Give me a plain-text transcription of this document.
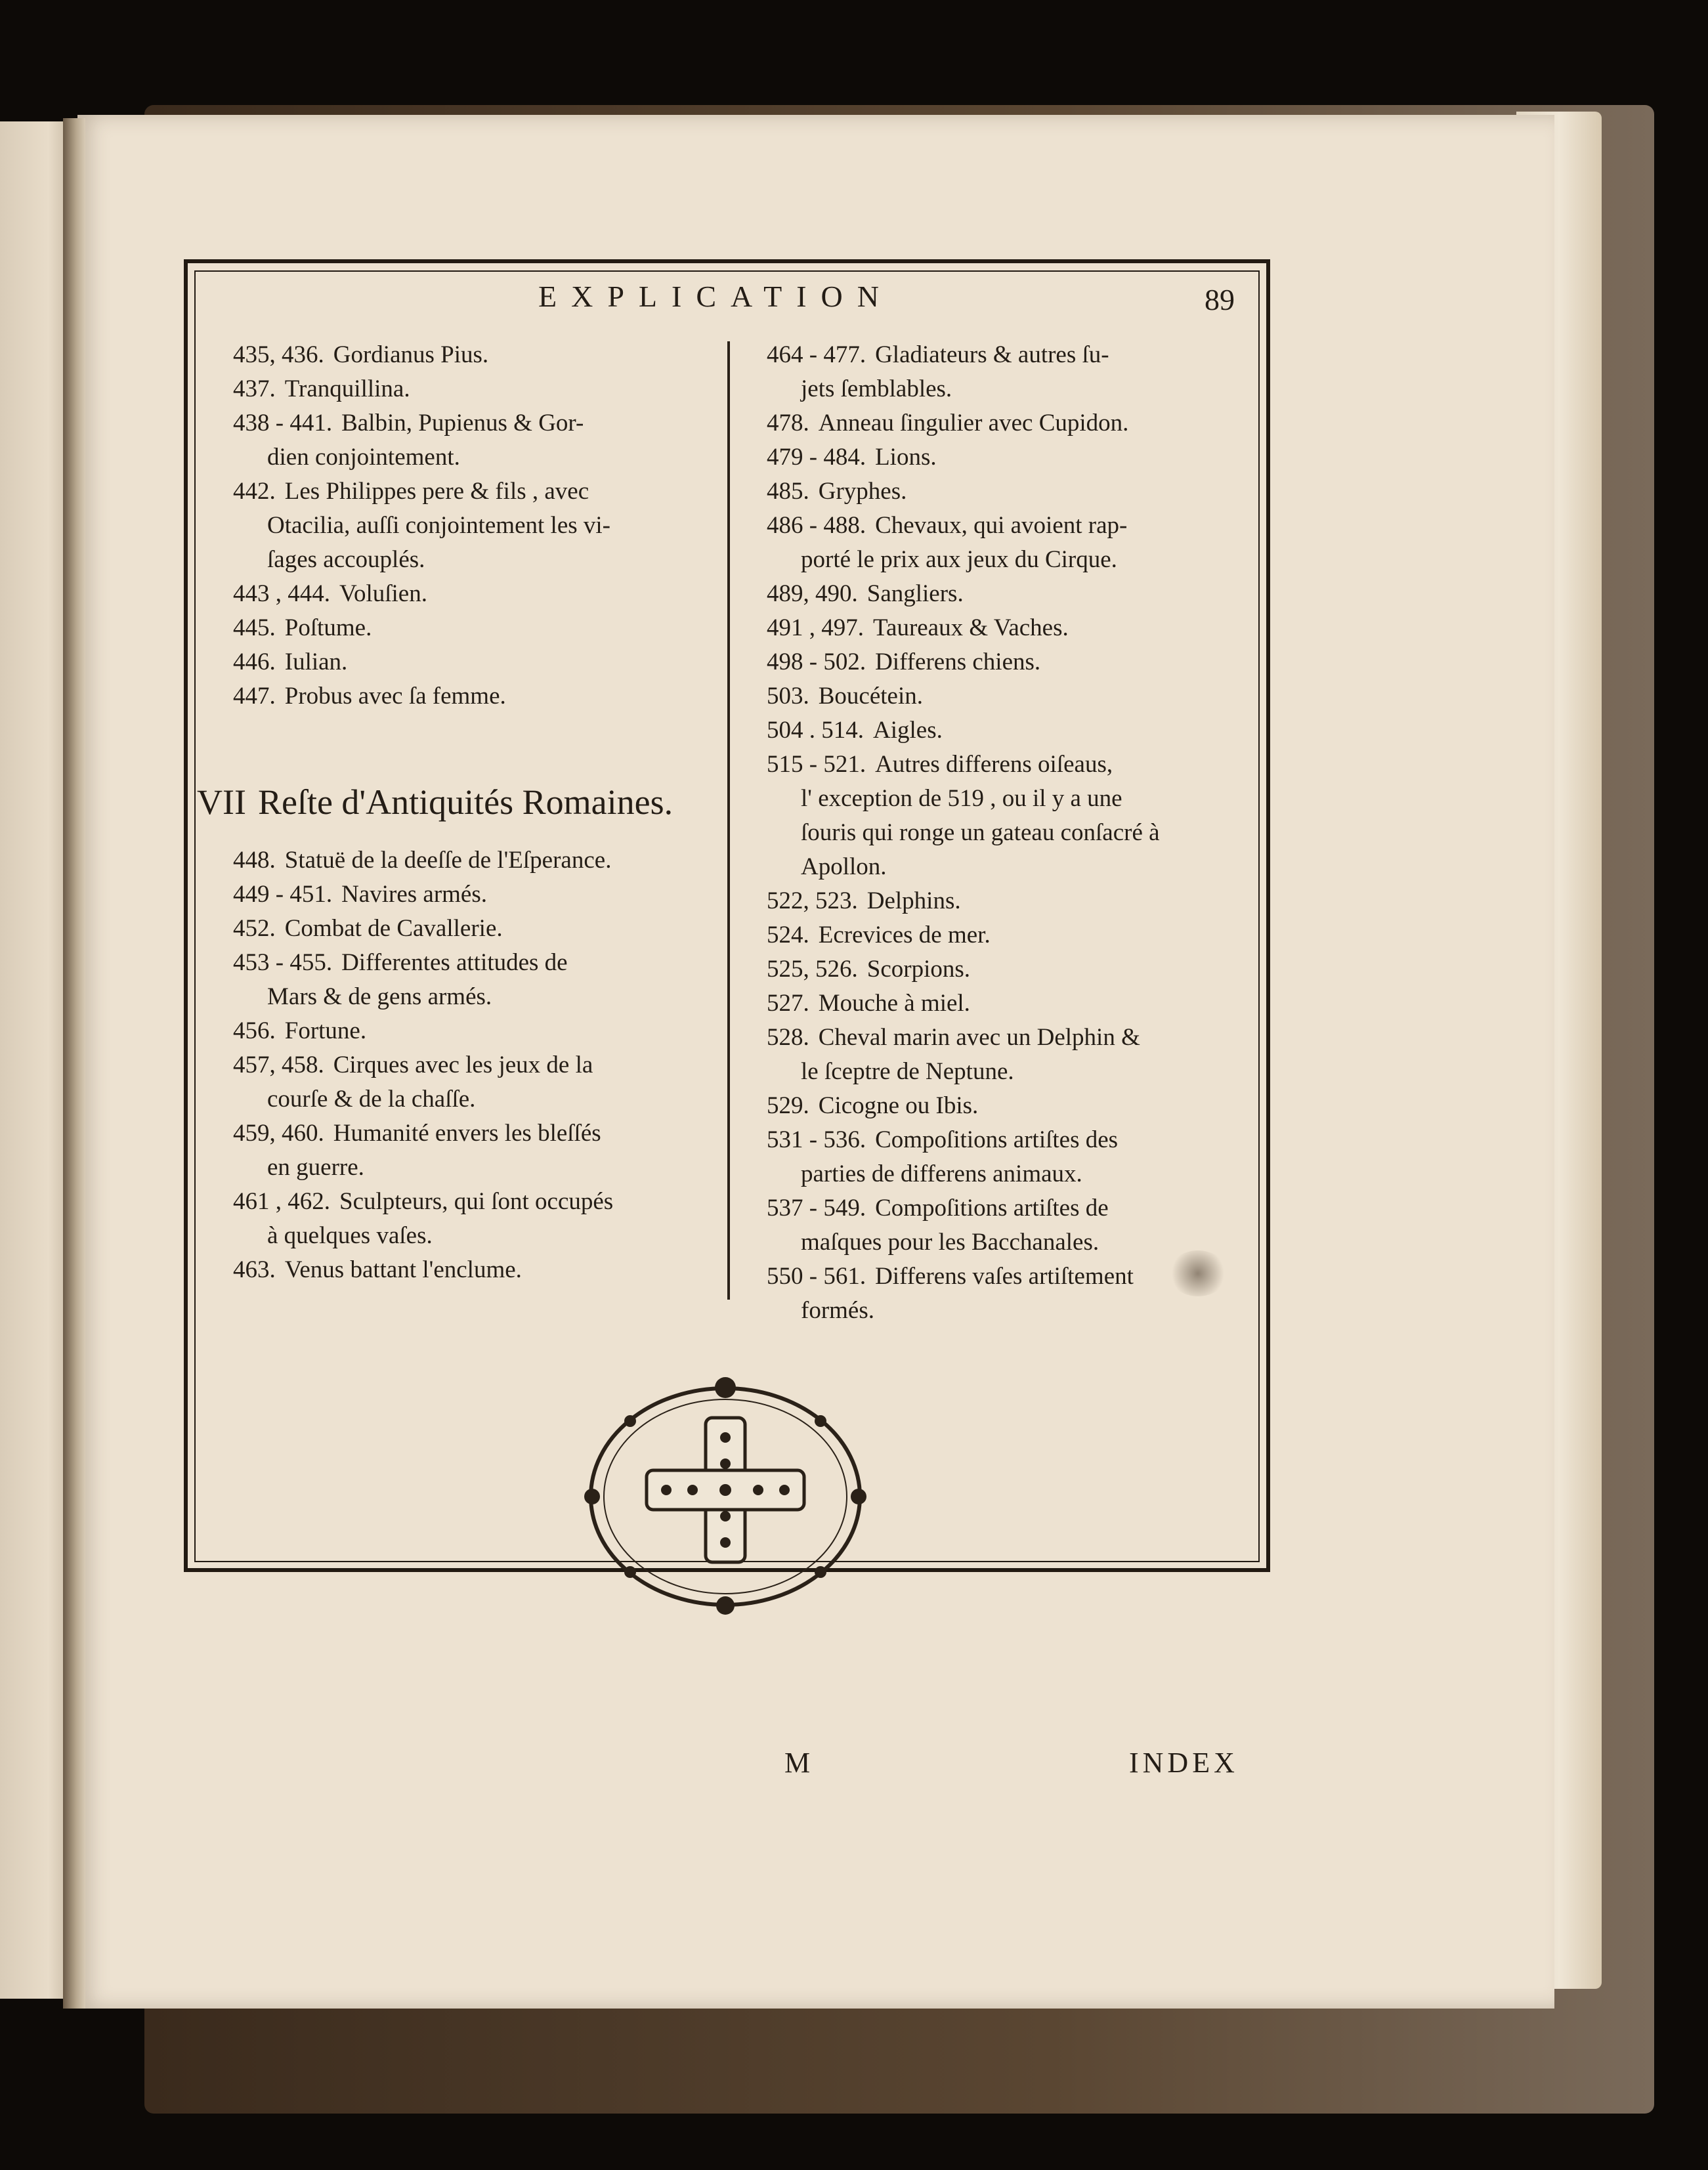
EXPLICATION	89
435, 436. Gordianus Pius.
437. Tranquillina.
438 - 441. Balbin, Pupienus & Gor-
dien conjointement.
442. Les Philippes pere & fils , avec
Otacilia, auſſi conjointement les vi-
ſages accouplés.
443 , 444. Voluſien.
445. Poſtume.
446. Iulian.
447. Probus avec ſa femme.
VII Reſte d'Antiquités Romaines.
448. Statuë de la deeſſe de l'Eſperance.
449 - 451. Navires armés.
452. Combat de Cavallerie.
453 - 455. Differentes attitudes de
Mars & de gens armés.
456. Fortune.
457, 458. Cirques avec les jeux de la
courſe & de la chaſſe.
459, 460. Humanité envers les bleſſés
en guerre.
461 , 462. Sculpteurs, qui ſont occupés
à quelques vaſes.
463. Venus battant l'enclume.
464 - 477. Gladiateurs & autres ſu-
jets ſemblables.
478. Anneau ſingulier avec Cupidon.
479 - 484. Lions.
485. Gryphes.
486 - 488. Chevaux, qui avoient rap-
porté le prix aux jeux du Cirque.
489, 490. Sangliers.
491 , 497. Taureaux & Vaches.
498 - 502. Differens chiens.
503. Boucétein.
504 . 514. Aigles.
515 - 521. Autres differens oiſeaus,
l' exception de 519 , ou il y a une
ſouris qui ronge un gateau conſacré à
Apollon.
522, 523. Delphins.
524. Ecrevices de mer.
525, 526. Scorpions.
527. Mouche à miel.
528. Cheval marin avec un Delphin &
le ſceptre de Neptune.
529. Cicogne ou Ibis.
531 - 536. Compoſitions artiſtes des
parties de differens animaux.
537 - 549. Compoſitions artiſtes de
maſques pour les Bacchanales.
550 - 561. Differens vaſes artiſtement
formés.
M	INDEX
